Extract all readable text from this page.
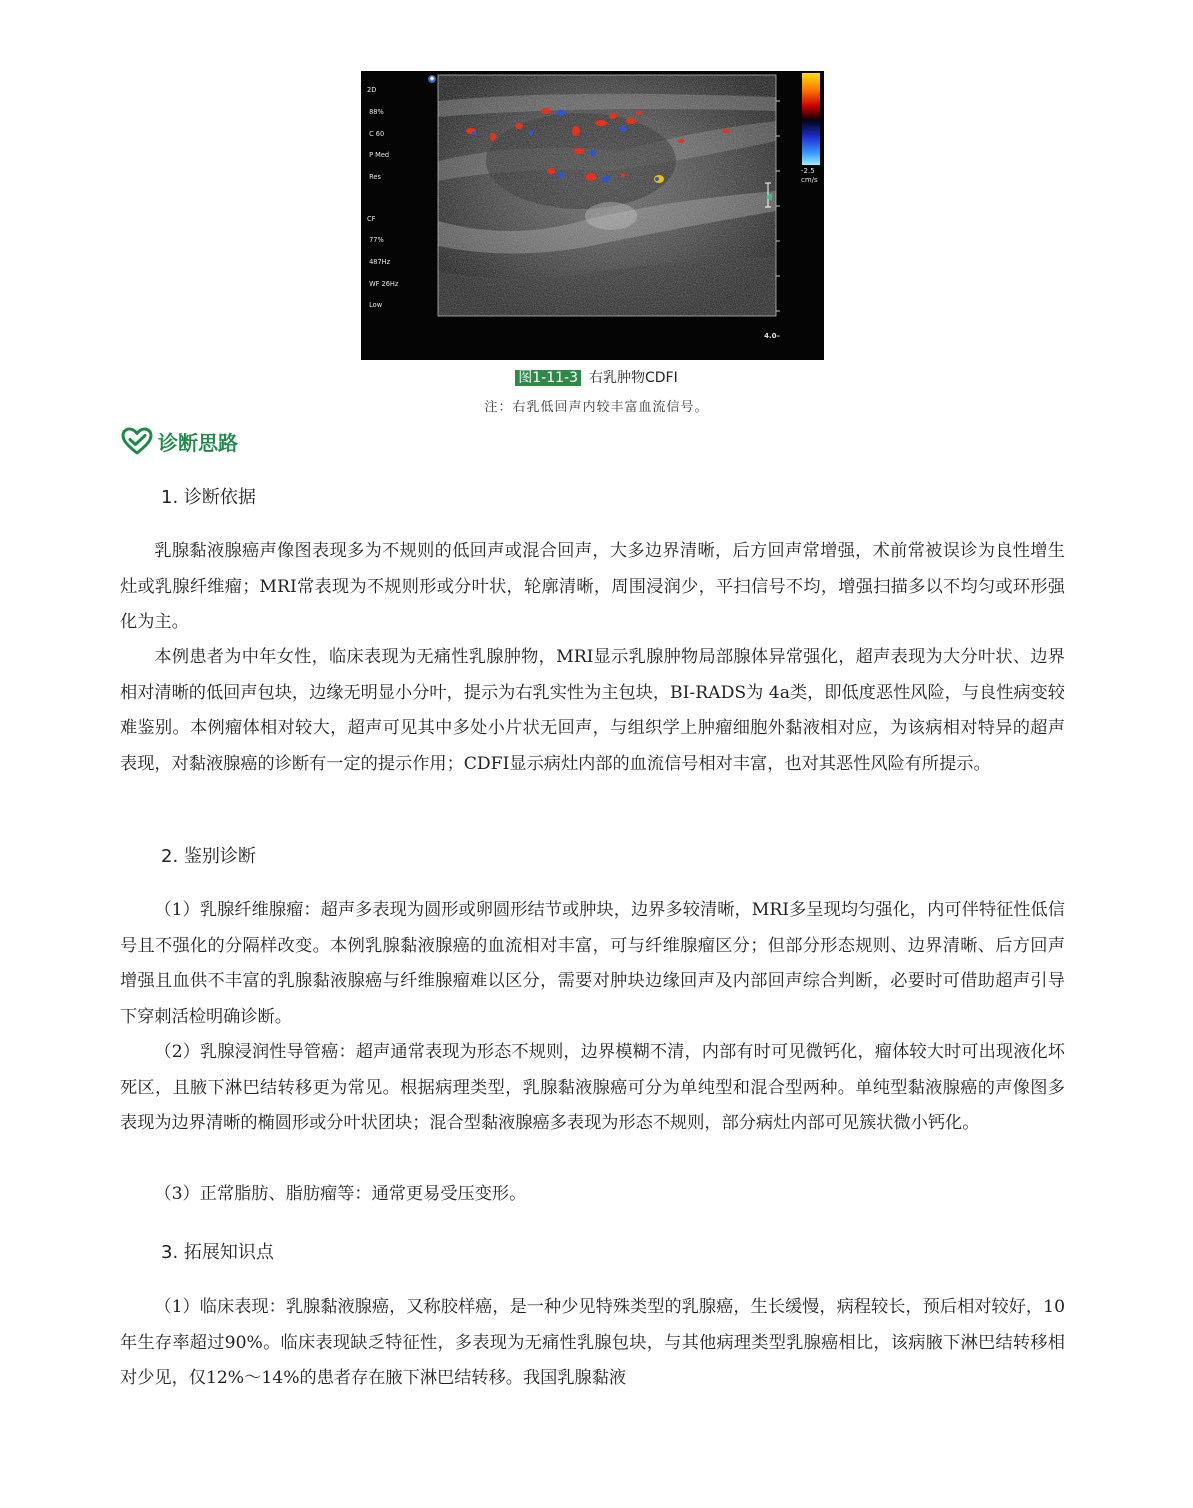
◆

2D

88%

C 60

P Med

Res

CF

77%

487Hz

WF 26Hz

Low

-2.5
cm/s
4.0–
图1-11-3 右乳肿物CDFI
注：右乳低回声内较丰富血流信号。
诊断思路
1. 诊断依据

乳腺黏液腺癌声像图表现多为不规则的低回声或混合回声，大多边界清晰，后方回声常增强，术前常被误诊为良性增生灶或乳腺纤维瘤；MRI常表现为不规则形或分叶状，轮廓清晰，周围浸润少，平扫信号不均，增强扫描多以不均匀或环形强化为主。

本例患者为中年女性，临床表现为无痛性乳腺肿物，MRI显示乳腺肿物局部腺体异常强化，超声表现为大分叶状、边界相对清晰的低回声包块，边缘无明显小分叶，提示为右乳实性为主包块，BI-RADS为 4a类，即低度恶性风险，与良性病变较难鉴别。本例瘤体相对较大，超声可见其中多处小片状无回声，与组织学上肿瘤细胞外黏液相对应，为该病相对特异的超声表现，对黏液腺癌的诊断有一定的提示作用；CDFI显示病灶内部的血流信号相对丰富，也对其恶性风险有所提示。

2. 鉴别诊断

（1）乳腺纤维腺瘤：超声多表现为圆形或卵圆形结节或肿块，边界多较清晰，MRI多呈现均匀强化，内可伴特征性低信号且不强化的分隔样改变。本例乳腺黏液腺癌的血流相对丰富，可与纤维腺瘤区分；但部分形态规则、边界清晰、后方回声增强且血供不丰富的乳腺黏液腺癌与纤维腺瘤难以区分，需要对肿块边缘回声及内部回声综合判断，必要时可借助超声引导下穿刺活检明确诊断。

（2）乳腺浸润性导管癌：超声通常表现为形态不规则，边界模糊不清，内部有时可见微钙化，瘤体较大时可出现液化坏死区，且腋下淋巴结转移更为常见。根据病理类型，乳腺黏液腺癌可分为单纯型和混合型两种。单纯型黏液腺癌的声像图多表现为边界清晰的椭圆形或分叶状团块；混合型黏液腺癌多表现为形态不规则，部分病灶内部可见簇状微小钙化。

（3）正常脂肪、脂肪瘤等：通常更易受压变形。

3. 拓展知识点

（1）临床表现：乳腺黏液腺癌，又称胶样癌，是一种少见特殊类型的乳腺癌，生长缓慢，病程较长，预后相对较好，10年生存率超过90%。临床表现缺乏特征性，多表现为无痛性乳腺包块，与其他病理类型乳腺癌相比，该病腋下淋巴结转移相对少见，仅12%～14%的患者存在腋下淋巴结转移。我国乳腺黏液
